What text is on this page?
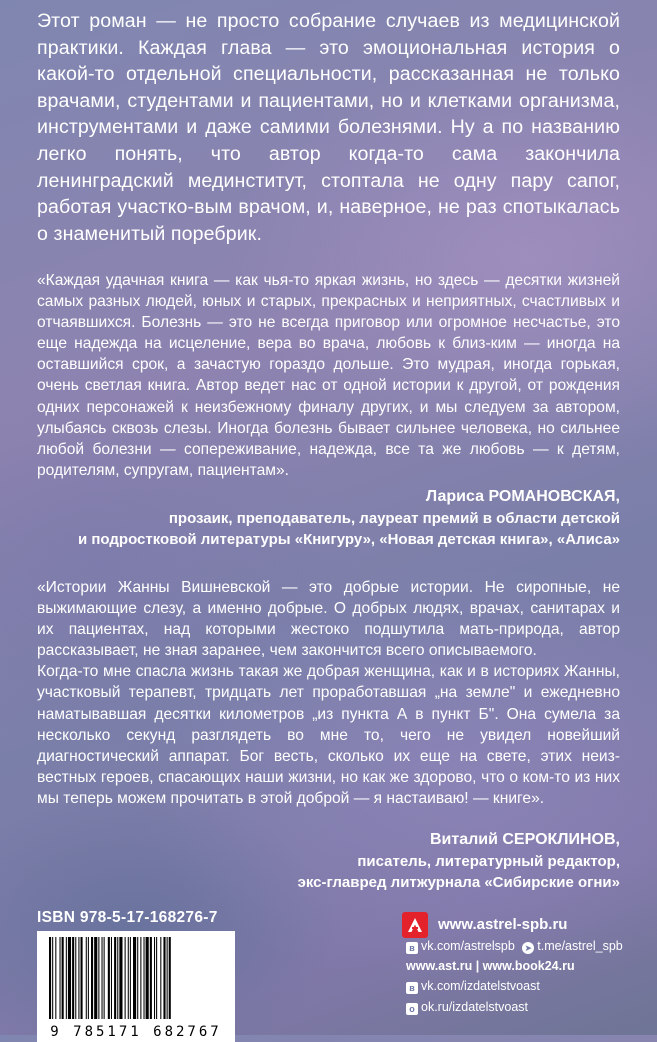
Этот роман — не просто собрание случаев из медицинской практики. Каждая глава — это эмоциональная история о какой-то отдельной специальности, рассказанная не только врачами, студентами и пациентами, но и клетками организма, инструментами и даже самими болезнями. Ну а по названию легко понять, что автор когда-то сама закончила ленинградский мединститут, стоптала не одну пару сапог, работая участко-вым врачом, и, наверное, не раз спотыкалась о знаменитый поребрик.

«Каждая удачная книга — как чья-то яркая жизнь, но здесь — десятки жизней самых разных людей, юных и старых, прекрасных и неприятных, счастливых и отчаявшихся. Болезнь — это не всегда приговор или огромное несчастье, это еще надежда на исцеление, вера во врача, любовь к близ-ким — иногда на оставшийся срок, а зачастую гораздо дольше. Это мудрая, иногда горькая, очень светлая книга. Автор ведет нас от одной истории к другой, от рождения одних персонажей к неизбежному финалу других, и мы следуем за автором, улыбаясь сквозь слезы. Иногда болезнь бывает сильнее человека, но сильнее любой болезни — сопереживание, надежда, все та же любовь — к детям, родителям, супругам, пациентам».

Лариса РОМАНОВСКАЯ,
прозаик, преподаватель, лауреат премий в области детской
и подростковой литературы «Книгуру», «Новая детская книга», «Алиса»

«Истории Жанны Вишневской — это добрые истории. Не сиропные, не выжимающие слезу, а именно добрые. О добрых людях, врачах, санитарах и их пациентах, над которыми жестоко подшутила мать-природа, автор рассказывает, не зная заранее, чем закончится всего описываемого.

Когда-то мне спасла жизнь такая же добрая женщина, как и в историях Жанны, участковый терапевт, тридцать лет проработавшая „на земле" и ежедневно наматывавшая десятки километров „из пункта А в пункт Б". Она сумела за несколько секунд разглядеть во мне то, чего не увидел новейший диагностический аппарат. Бог весть, сколько их еще на свете, этих неиз-вестных героев, спасающих наши жизни, но как же здорово, что о ком-то из них мы теперь можем прочитать в этой доброй — я настаиваю! — книге».

Виталий СЕРОКЛИНОВ,
писатель, литературный редактор,
экс-главред литжурнала «Сибирские огни»
ISBN 978-5-17-168276-7
9 785171 682767
www.astrel-spb.ru
в vk.com/astrelspb ➤ t.me/astrel_spb
www.ast.ru | www.book24.ru
в vk.com/izdatelstvoast
о ok.ru/izdatelstvoast
